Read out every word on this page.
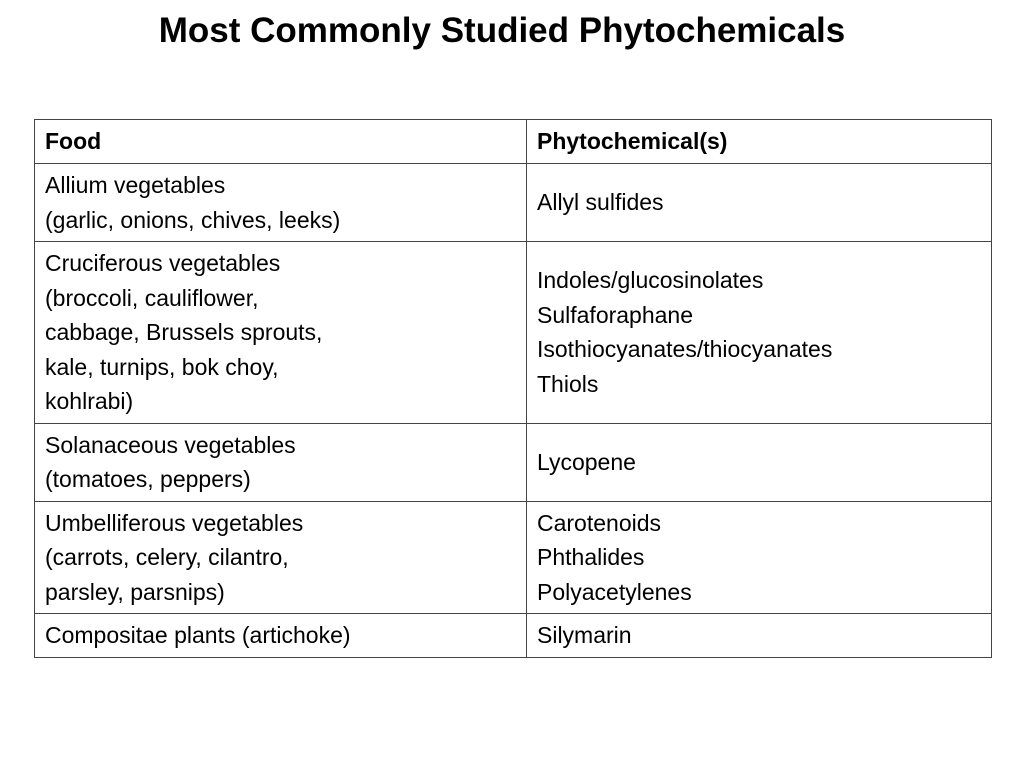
Most Commonly Studied Phytochemicals
Food	Phytochemical(s)

Allium vegetables
(garlic, onions, chives, leeks)	Allyl sulfides

Cruciferous vegetables
(broccoli, cauliflower,
cabbage, Brussels sprouts,
kale, turnips, bok choy,
kohlrabi)	Indoles/glucosinolates
Sulfaforaphane
Isothiocyanates/thiocyanates
Thiols

Solanaceous vegetables
(tomatoes, peppers)	Lycopene

Umbelliferous vegetables
(carrots, celery, cilantro,
parsley, parsnips)	Carotenoids
Phthalides
Polyacetylenes

Compositae plants (artichoke)	Silymarin
